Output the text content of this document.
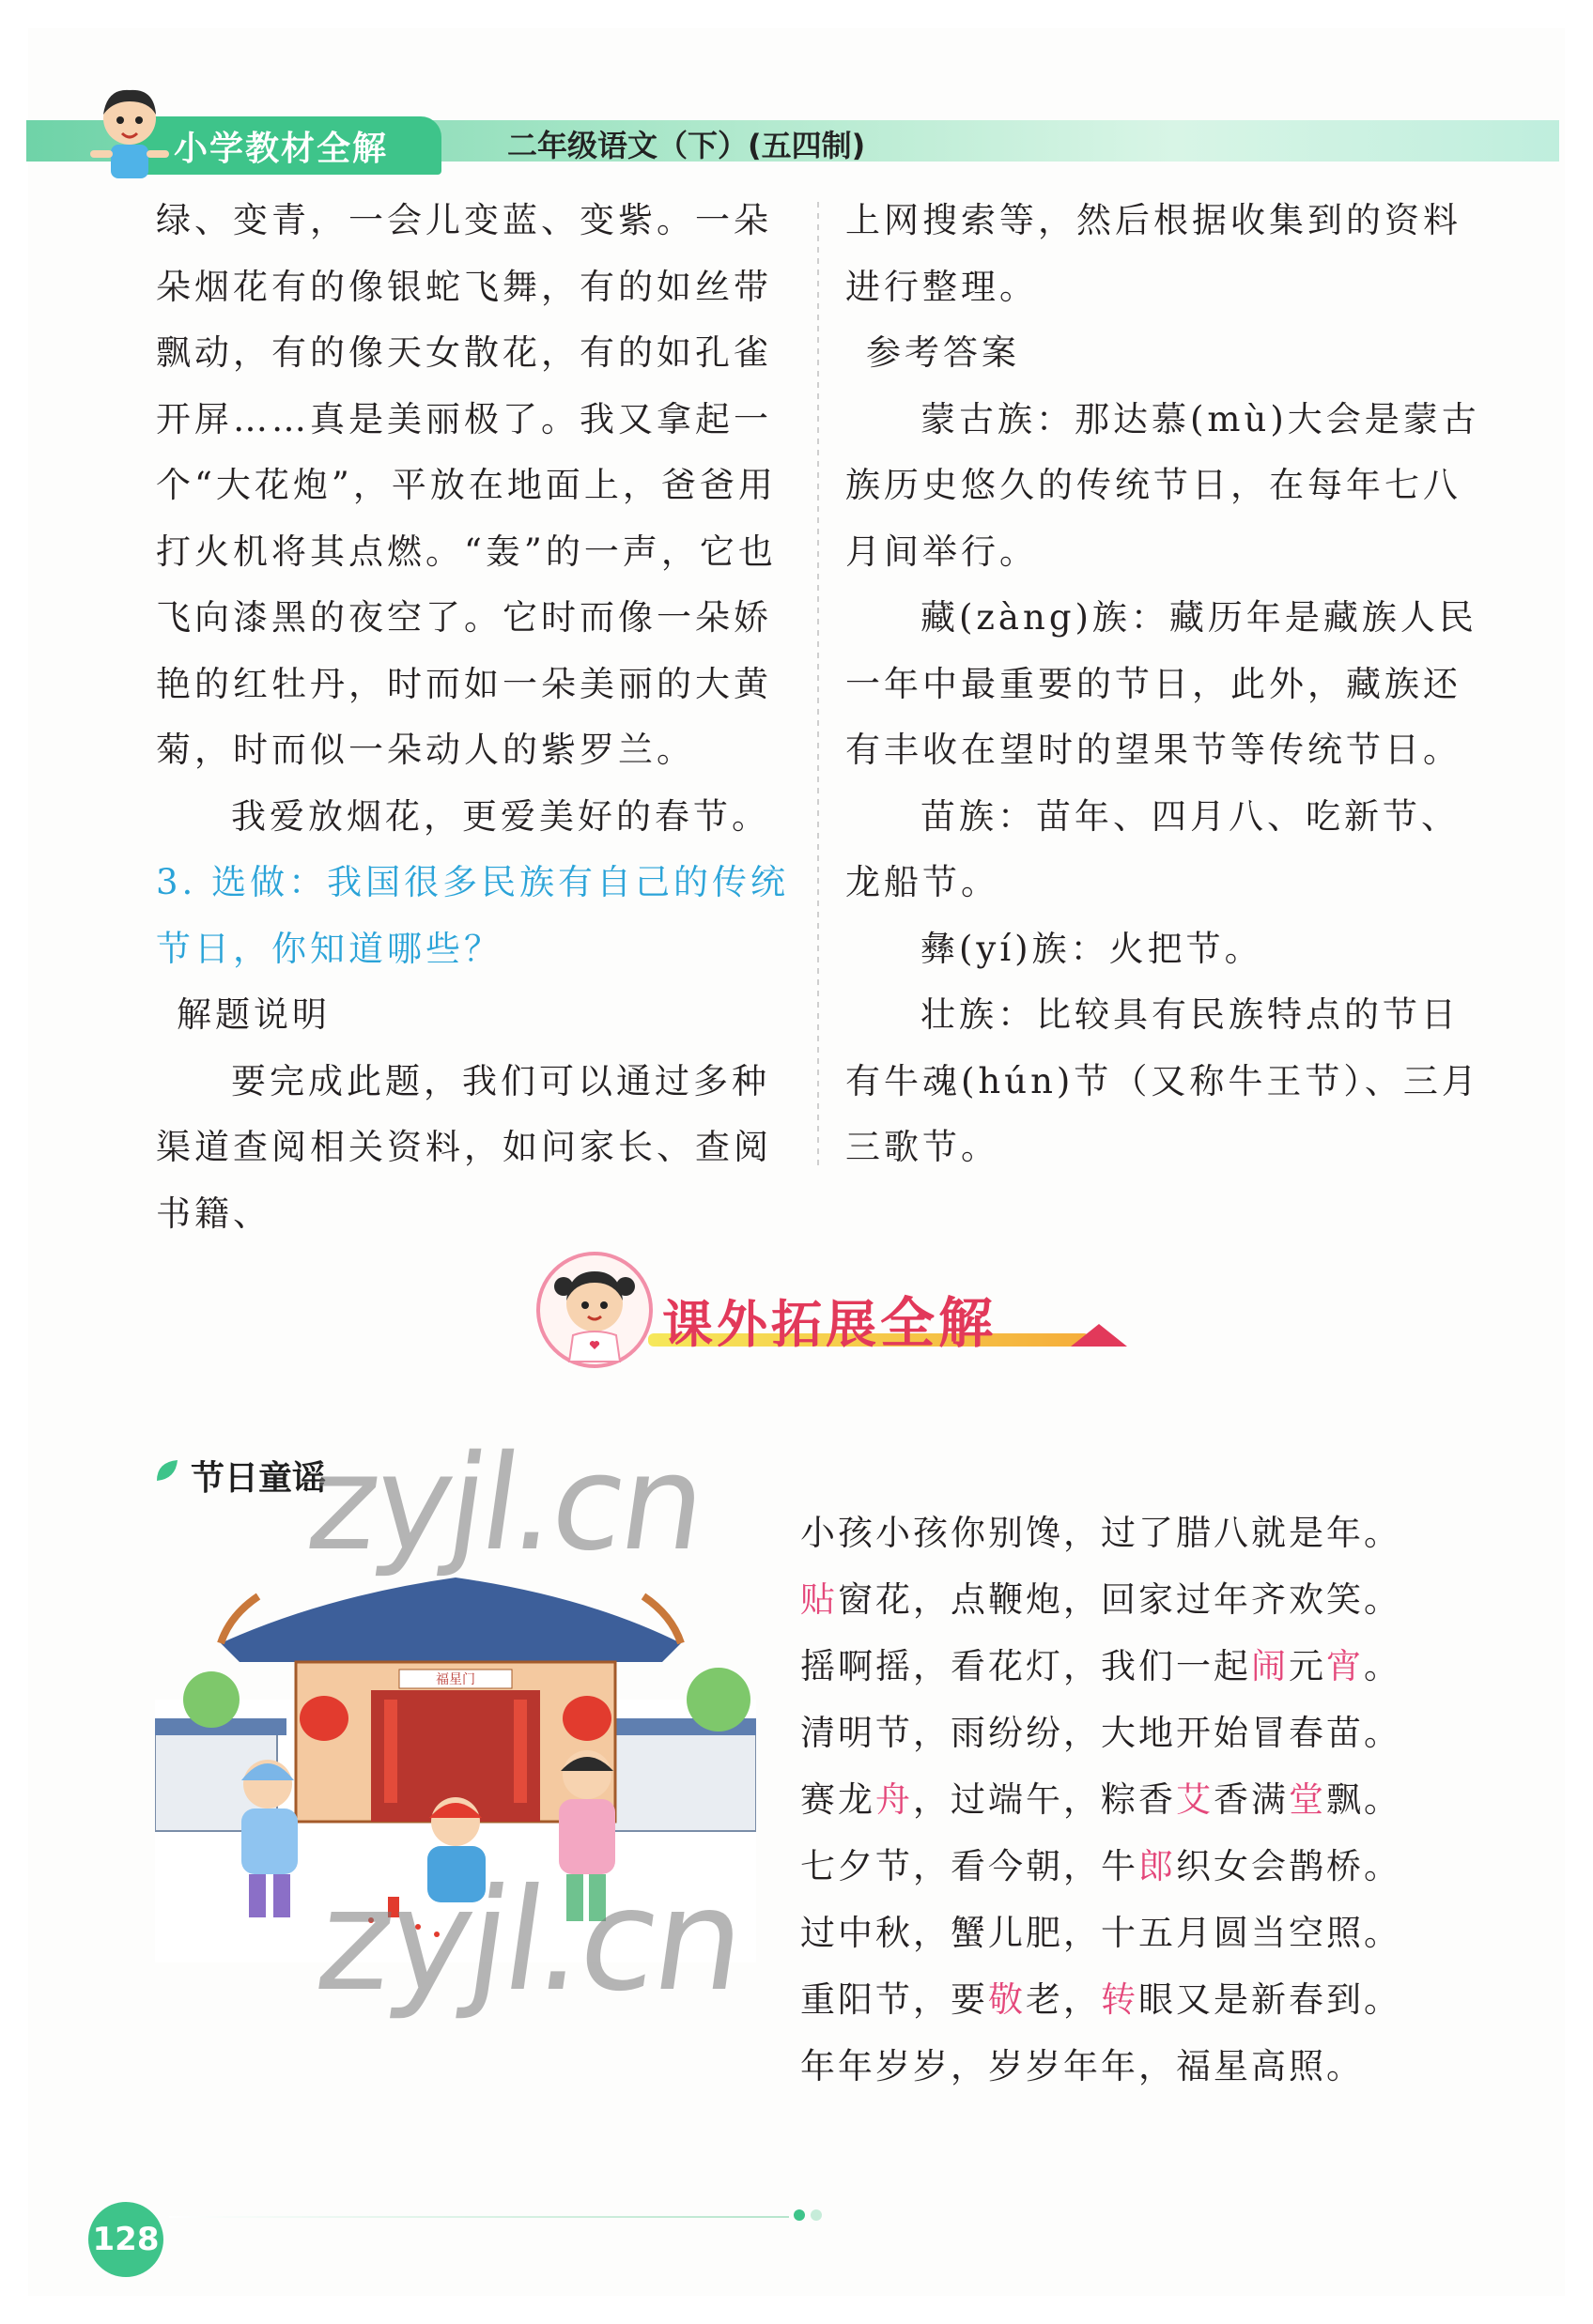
小学教材全解	二年级语文（下）(五四制)

绿、变青，一会儿变蓝、变紫。一朵朵烟花有的像银蛇飞舞，有的如丝带飘动，有的像天女散花，有的如孔雀开屏……真是美丽极了。我又拿起一个“大花炮”，平放在地面上，爸爸用打火机将其点燃。“轰”的一声，它也飞向漆黑的夜空了。它时而像一朵娇艳的红牡丹，时而如一朵美丽的大黄菊，时而似一朵动人的紫罗兰。

我爱放烟花，更爱美好的春节。

3. 选做：我国很多民族有自己的传统节日，你知道哪些？

解题说明

要完成此题，我们可以通过多种渠道查阅相关资料，如问家长、查阅书籍、

上网搜索等，然后根据收集到的资料进行整理。

参考答案

蒙古族：那达慕(mù)大会是蒙古族历史悠久的传统节日，在每年七八月间举行。

藏(zàng)族：藏历年是藏族人民一年中最重要的节日，此外，藏族还有丰收在望时的望果节等传统节日。

苗族：苗年、四月八、吃新节、龙船节。

彝(yí)族：火把节。

壮族：比较具有民族特点的节日有牛魂(hún)节（又称牛王节）、三月三歌节。

课外拓展全解
节日童谣
福星门

小孩小孩你别馋，过了腊八就是年。

贴窗花，点鞭炮，回家过年齐欢笑。

摇啊摇，看花灯，我们一起闹元宵。

清明节，雨纷纷，大地开始冒春苗。

赛龙舟，过端午，粽香艾香满堂飘。

七夕节，看今朝，牛郎织女会鹊桥。

过中秋，蟹儿肥，十五月圆当空照。

重阳节，要敬老，转眼又是新春到。

年年岁岁，岁岁年年，福星高照。

zyjl.cn
zyjl.cn
128
